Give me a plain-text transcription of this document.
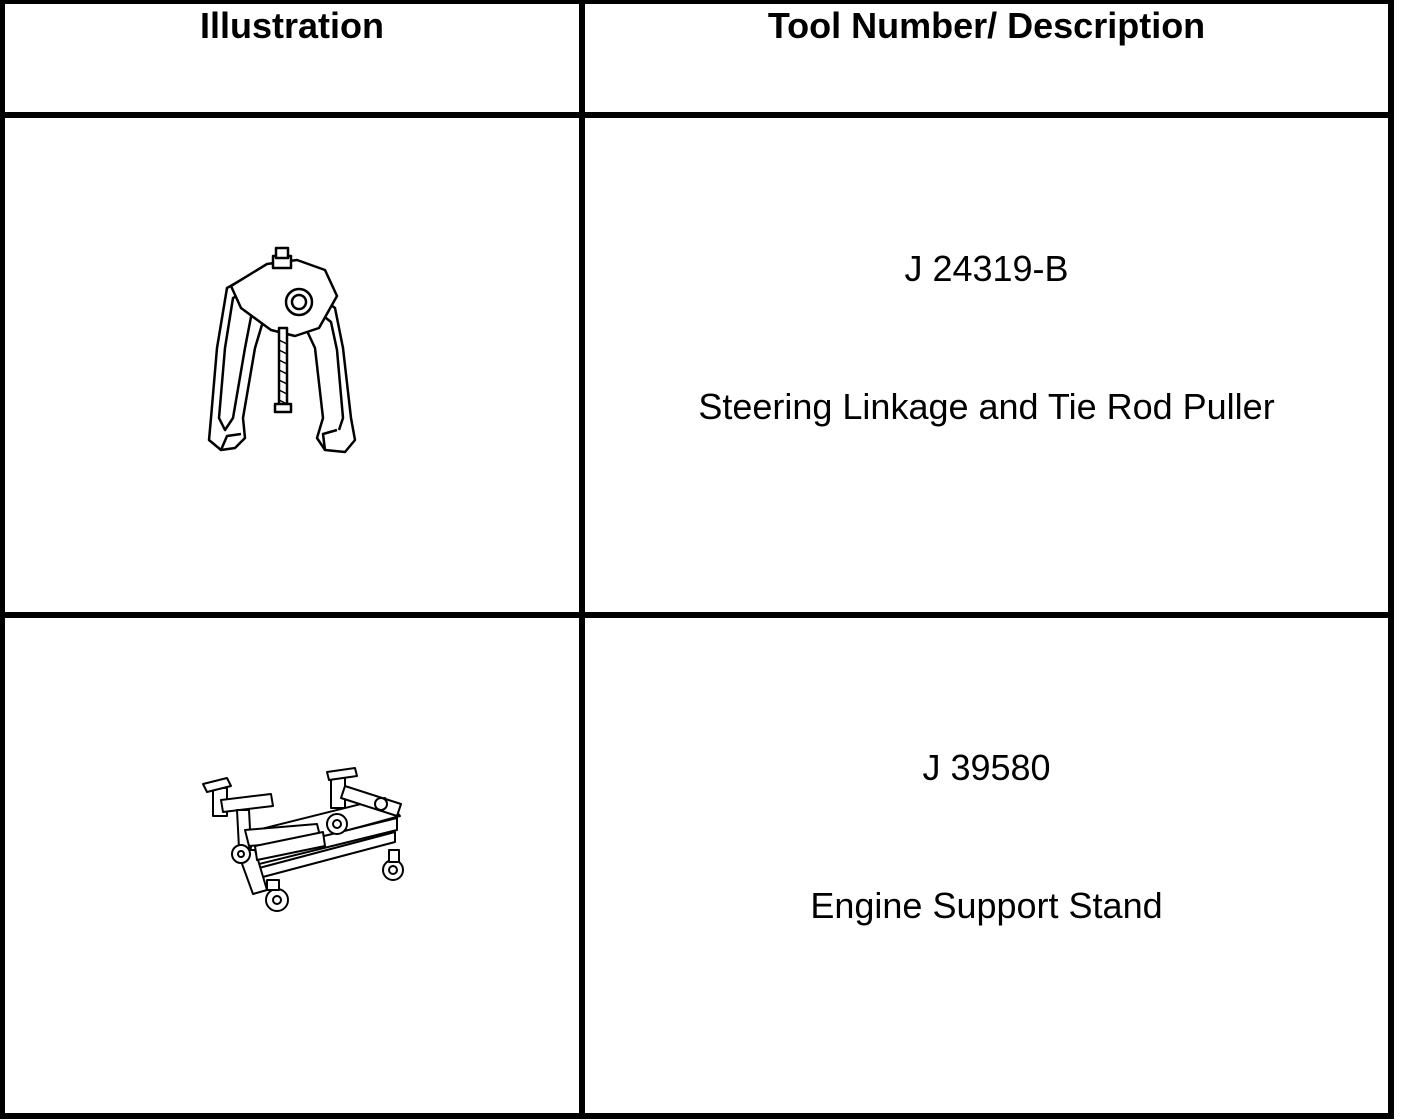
Illustration	Tool Number/ Description
J 24319-B
Steering Linkage and Tie Rod Puller
J 39580
Engine Support Stand
